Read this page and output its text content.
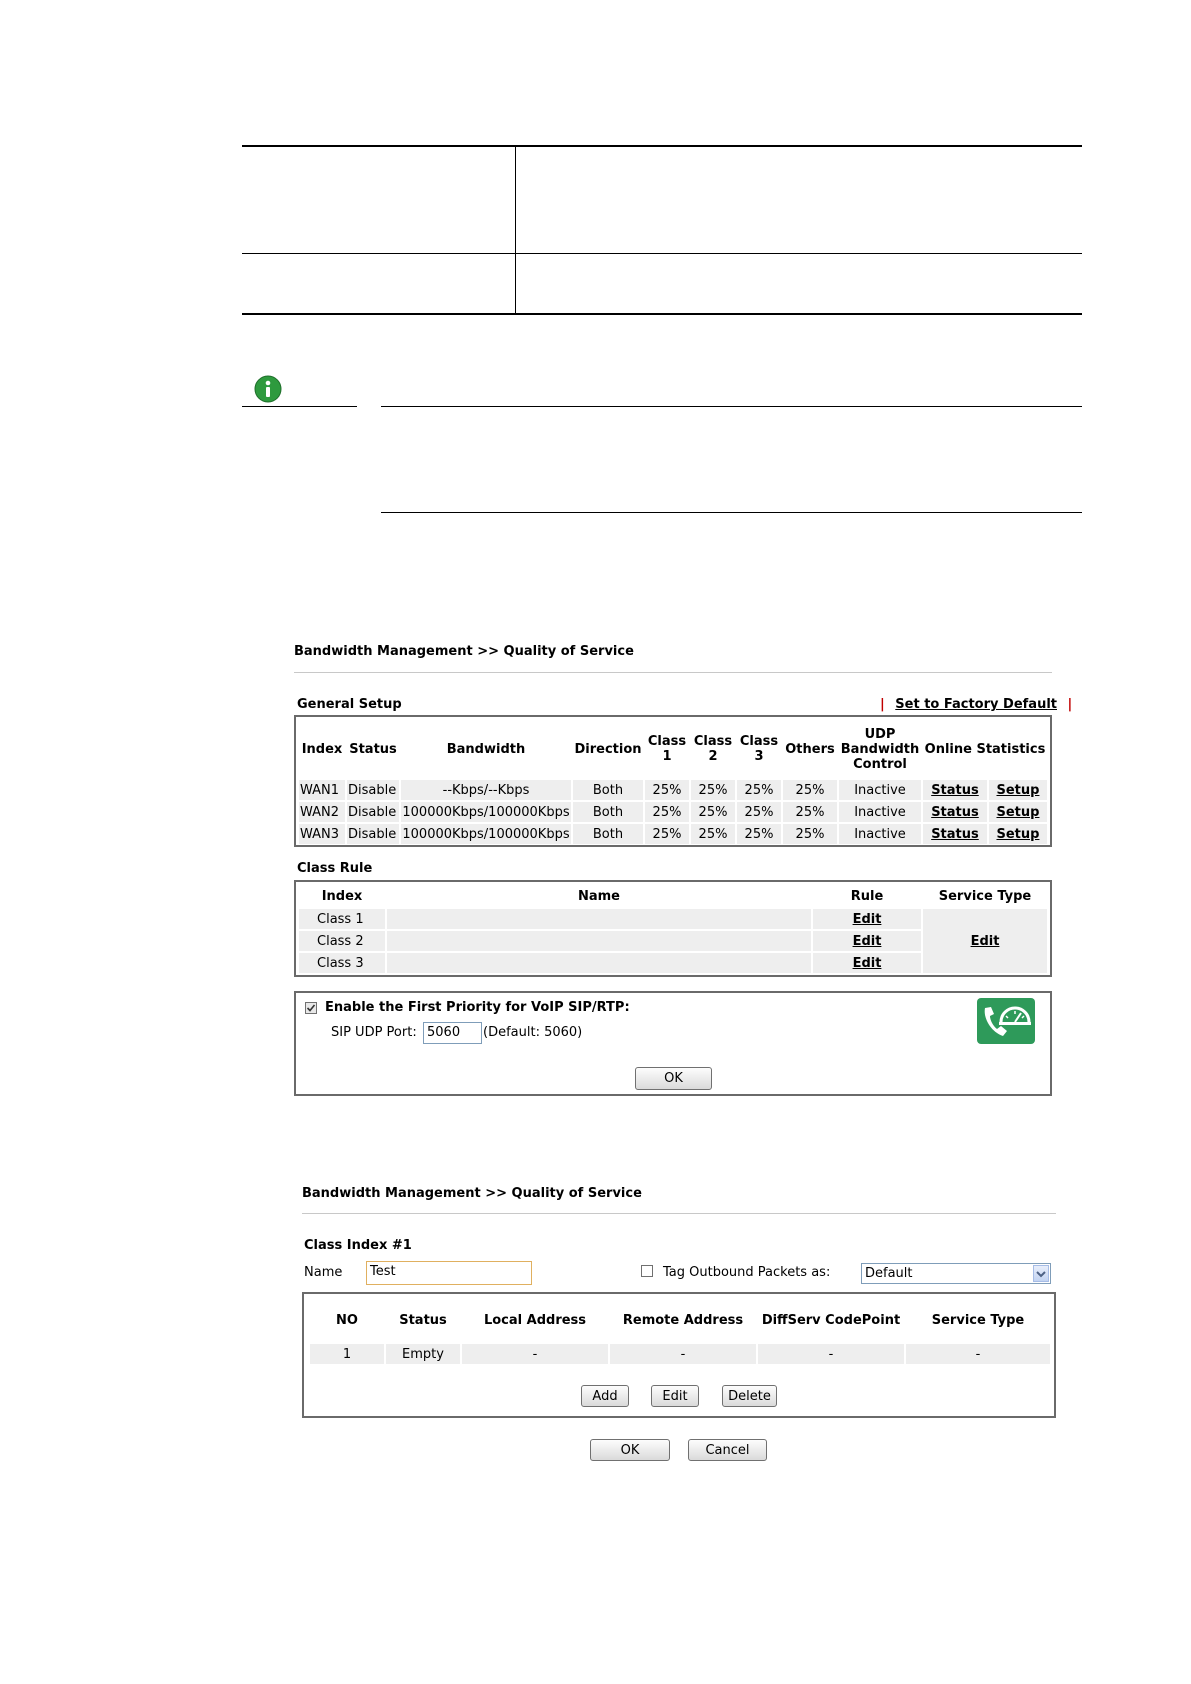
Bandwidth Management >> Quality of Service
General Setup	| Set to Factory Default |
Index	Status	Bandwidth	Direction	Class 1	Class 2	Class 3	Others	UDP Bandwidth Control	Online Statistics	
WAN1	Disable	--Kbps/--Kbps	Both	25%	25%	25%	25%	Inactive	Status	Setup
WAN2	Disable	100000Kbps/100000Kbps	Both	25%	25%	25%	25%	Inactive	Status	Setup
WAN3	Disable	100000Kbps/100000Kbps	Both	25%	25%	25%	25%	Inactive	Status	Setup
Class Rule
Index	Name	Rule	Service Type
Class 1		Edit	Edit
Class 2		Edit	
Class 3		Edit	
Enable the First Priority for VoIP SIP/RTP:
SIP UDP Port: 5060	(Default: 5060)
OK
Bandwidth Management >> Quality of Service
Class Index #1
Name	Test	Tag Outbound Packets as:	Default
NO	Status	Local Address	Remote Address	DiffServ CodePoint	Service Type
1	Empty	-	-	-	-
Add	Edit	Delete
OK	Cancel
